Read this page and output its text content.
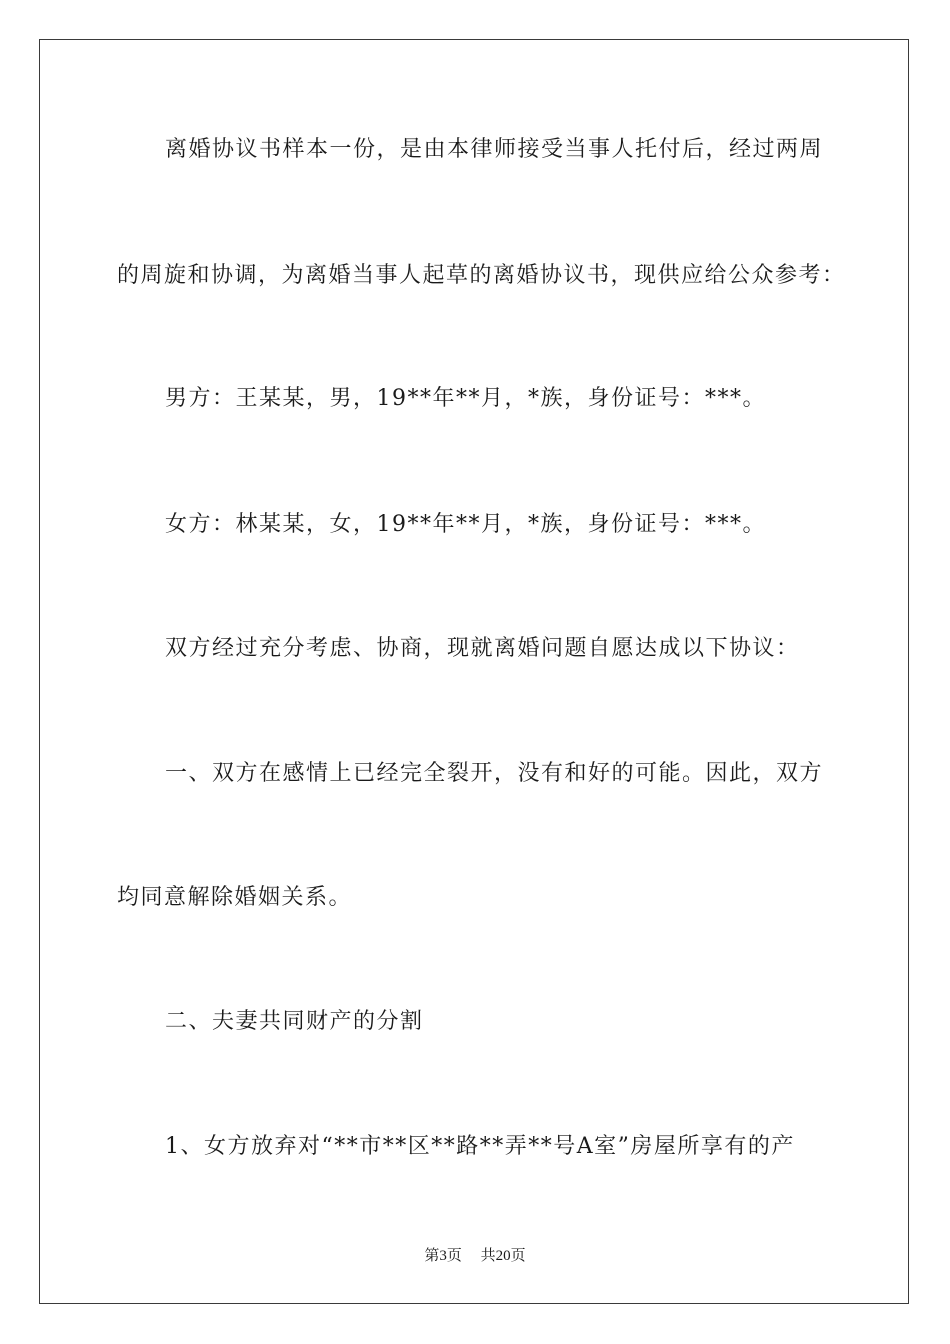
离婚协议书样本一份，是由本律师接受当事人托付后，经过两周

的周旋和协调，为离婚当事人起草的离婚协议书，现供应给公众参考：

男方：王某某，男，19**年**月，*族，身份证号：***。

女方：林某某，女，19**年**月，*族，身份证号：***。

双方经过充分考虑、协商，现就离婚问题自愿达成以下协议：

一、双方在感情上已经完全裂开，没有和好的可能。因此，双方

均同意解除婚姻关系。

二、夫妻共同财产的分割

1、女方放弃对“**市**区**路**弄**号A室”房屋所享有的产

第3页 共20页
